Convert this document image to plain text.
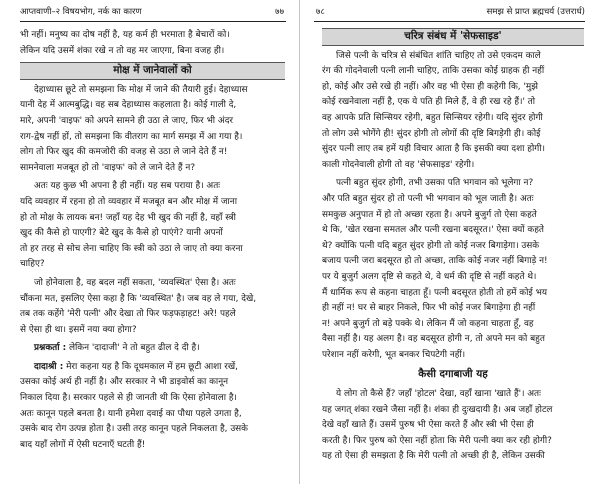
आप्तवाणी–२ विषयभोग, नर्क का कारण	७७
भी नहीं। मनुष्य का दोष नहीं है, यह कर्म ही भरमाता है बेचारों को।
लेकिन यदि उसमें शंका रखे न तो वह मर जाएगा, बिना वजह ही।
मोक्ष में जानेवालों को
देहाध्यास छूटे तो समझना कि मोक्ष में जाने की तैयारी हुई। देहाध्यास
यानी देह में आत्मबुद्धि। वह सब देहाध्यास कहलाता है। कोई गाली दे,
मारे, अपनी 'वाइफ' को अपने सामने ही उठा ले जाए, फिर भी अंदर
राग-द्वेष नहीं हों, तो समझना कि वीतराग का मार्ग समझ में आ गया है।
लोग तो फिर खुद की कमजोरी की वजह से उठा ले जाने देते हैं न!
सामनेवाला मजबूत हो तो 'वाइफ' को ले जाने देते हैं न?
अतः यह कुछ भी अपना है ही नहीं। यह सब पराया है। अतः
यदि व्यवहार में रहना हो तो व्यवहार में मजबूत बन और मोक्ष में जाना
हो तो मोक्ष के लायक बन! जहाँ यह देह भी खुद की नहीं है, वहाँ स्त्री
खुद की कैसे हो पाएगी? बेटे खुद के कैसे हो पाएंगे? यानी अपनों
तो हर तरह से सोच लेना चाहिए कि स्त्री को उठा ले जाए तो क्या करना
चाहिए?
जो होनेवाला है, वह बदल नहीं सकता, 'व्यवस्थित' ऐसा है। अतः
चौंकना मत, इसलिए ऐसा कहा है कि 'व्यवस्थित' है। जब वह ले गया, देखे,
तब तक कहेंगे 'मेरी पत्नी' और देखा तो फिर फड़फड़ाहट! अरे! पहले
से ऐसा ही था। इसमें नया क्या होगा?
प्रश्नकर्ता : लेकिन 'दादाजी' ने तो बहुत ढील दे दी है।
दादाश्री : मेरा कहना यह है कि दूधमकाल में हम छूटी आशा रखें,
उसका कोई अर्थ ही नहीं है। और सरकार ने भी डाइवोर्स का कानून
निकाल दिया है। सरकार पहले से ही जानती थी कि ऐसा होनेवाला है।
अतः कानून पहले बनता है। यानी हमेशा दवाई का पौधा पहले उगता है,
उसके बाद रोग उत्पन्न होता है। उसी तरह कानून पहले निकलता है, उसके
बाद यहाँ लोगों में ऐसी घटनाएँ घटती हैं!
७८	समझ से प्राप्त ब्रह्मचर्य (उत्तरार्ध)
चरित्र संबंध में 'सेफसाइड'
जिसे पत्नी के चरित्र से संबंधित शांति चाहिए तो उसे एकदम काले
रंग की गोदनेवाली पत्नी लानी चाहिए, ताकि उसका कोई ग्राहक ही नहीं
हो, कोई और उसे रखे ही नहीं। और वह भी ऐसा ही कहेगी कि, 'मुझे
कोई रखनेवाला नहीं है, एक ये पति ही मिले हैं, वे ही रख रहे हैं।' तो
वह आपके प्रति सिन्सियर रहेगी, बहुत सिन्सियर रहेगी। यदि सुंदर होगी
तो लोग उसे भोगेंगे ही! सुंदर होगी तो लोगों की दृष्टि बिगड़ेगी ही। कोई
सुंदर पत्नी लाए तब हमें यही विचार आता है कि इसकी क्या दशा होगी।
काली गोदनेवाली होगी तो वह 'सेफसाइड' रहेगी।
पत्नी बहुत सुंदर होगी, तभी उसका पति भगवान को भूलेगा न?
और पति बहुत सुंदर हो तो पत्नी भी भगवान को भूल जाती है। अतः
समकुछ अनुपात में हो तो अच्छा रहता है। अपने बुजुर्ग तो ऐसा कहते
थे कि, 'खेत रखना समतल और पत्नी रखना बदसूरत।' ऐसा क्यों कहते
थे? क्योंकि पत्नी यदि बहुत सुंदर होगी तो कोई नजर बिगाड़ेगा। उसके
बजाय पत्नी जरा बदसूरत हो तो अच्छा, ताकि कोई नजर नहीं बिगाड़े न!
पर ये बुजुर्ग अलग दृष्टि से कहते थे, वे धर्म की दृष्टि से नहीं कहते थे।
मैं धार्मिक रूप से कहना चाहता हूँ। पत्नी बदसूरत होती तो हमें कोई भय
ही नहीं न! घर से बाहर निकले, फिर भी कोई नजर बिगाड़ेगा ही नहीं
न! अपने बुजुर्ग तो बड़े पक्के थे। लेकिन मैं जो कहना चाहता हूँ, वह
वैसा नहीं है। यह अलग है। वह बदसूरत होगी न, तो अपने मन को बहुत
परेशान नहीं करेगी, भूत बनकर चिपटेगी नहीं।
कैसी दगाबाजी यह
ये लोग तो कैसे हैं? जहाँ 'होटल' देखा, वहाँ खाना 'खाते हैं'। अतः
यह जगत् शंका रखने जैसा नहीं है। शंका ही दुःखदायी है। अब जहाँ होटल
देखे वहाँ खाते हैं। उसमें पुरुष भी ऐसा करते हैं और स्त्री भी ऐसा ही
करती है। फिर पुरुष को ऐसा नहीं होता कि मेरी पत्नी क्या कर रही होगी?
यह तो ऐसा ही समझता है कि मेरी पत्नी तो अच्छी ही है, लेकिन उसकी
